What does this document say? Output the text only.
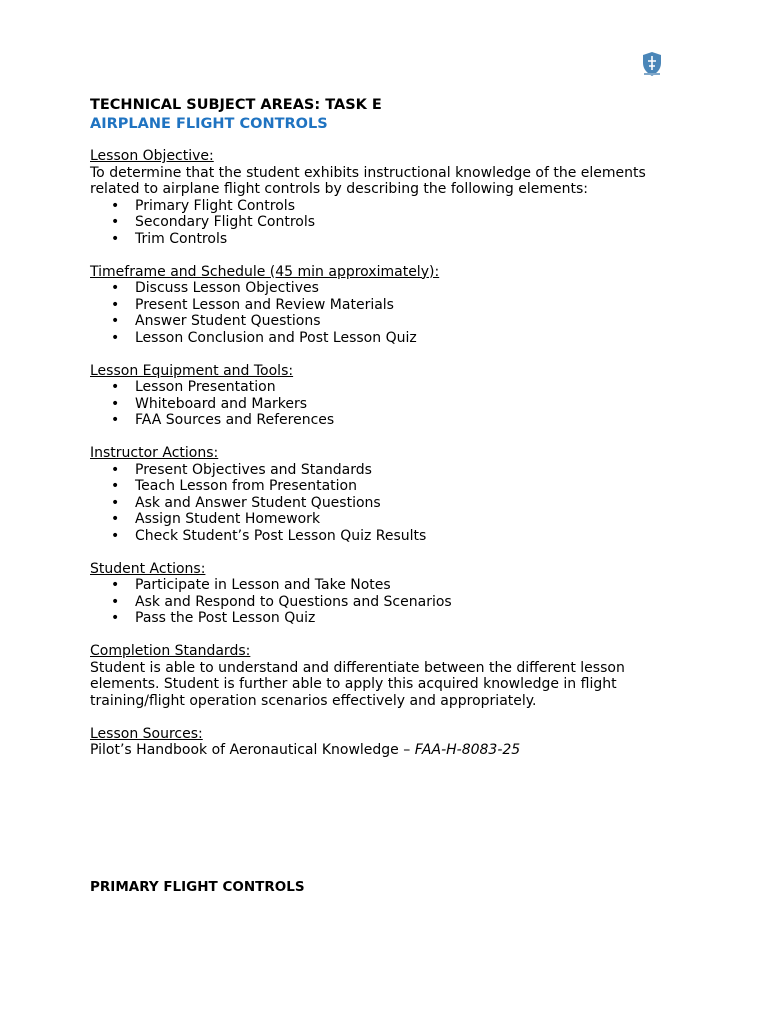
TECHNICAL SUBJECT AREAS: TASK E

AIRPLANE FLIGHT CONTROLS

Lesson Objective:

To determine that the student exhibits instructional knowledge of the elements related to airplane flight controls by describing the following elements:

• Primary Flight Controls
• Secondary Flight Controls
• Trim Controls

Timeframe and Schedule (45 min approximately):

• Discuss Lesson Objectives
• Present Lesson and Review Materials
• Answer Student Questions
• Lesson Conclusion and Post Lesson Quiz

Lesson Equipment and Tools:

• Lesson Presentation
• Whiteboard and Markers
• FAA Sources and References

Instructor Actions:

• Present Objectives and Standards
• Teach Lesson from Presentation
• Ask and Answer Student Questions
• Assign Student Homework
• Check Student’s Post Lesson Quiz Results

Student Actions:

• Participate in Lesson and Take Notes
• Ask and Respond to Questions and Scenarios
• Pass the Post Lesson Quiz

Completion Standards:

Student is able to understand and differentiate between the different lesson elements. Student is further able to apply this acquired knowledge in flight training/flight operation scenarios effectively and appropriately.

Lesson Sources:

Pilot’s Handbook of Aeronautical Knowledge – FAA-H-8083-25

PRIMARY FLIGHT CONTROLS
